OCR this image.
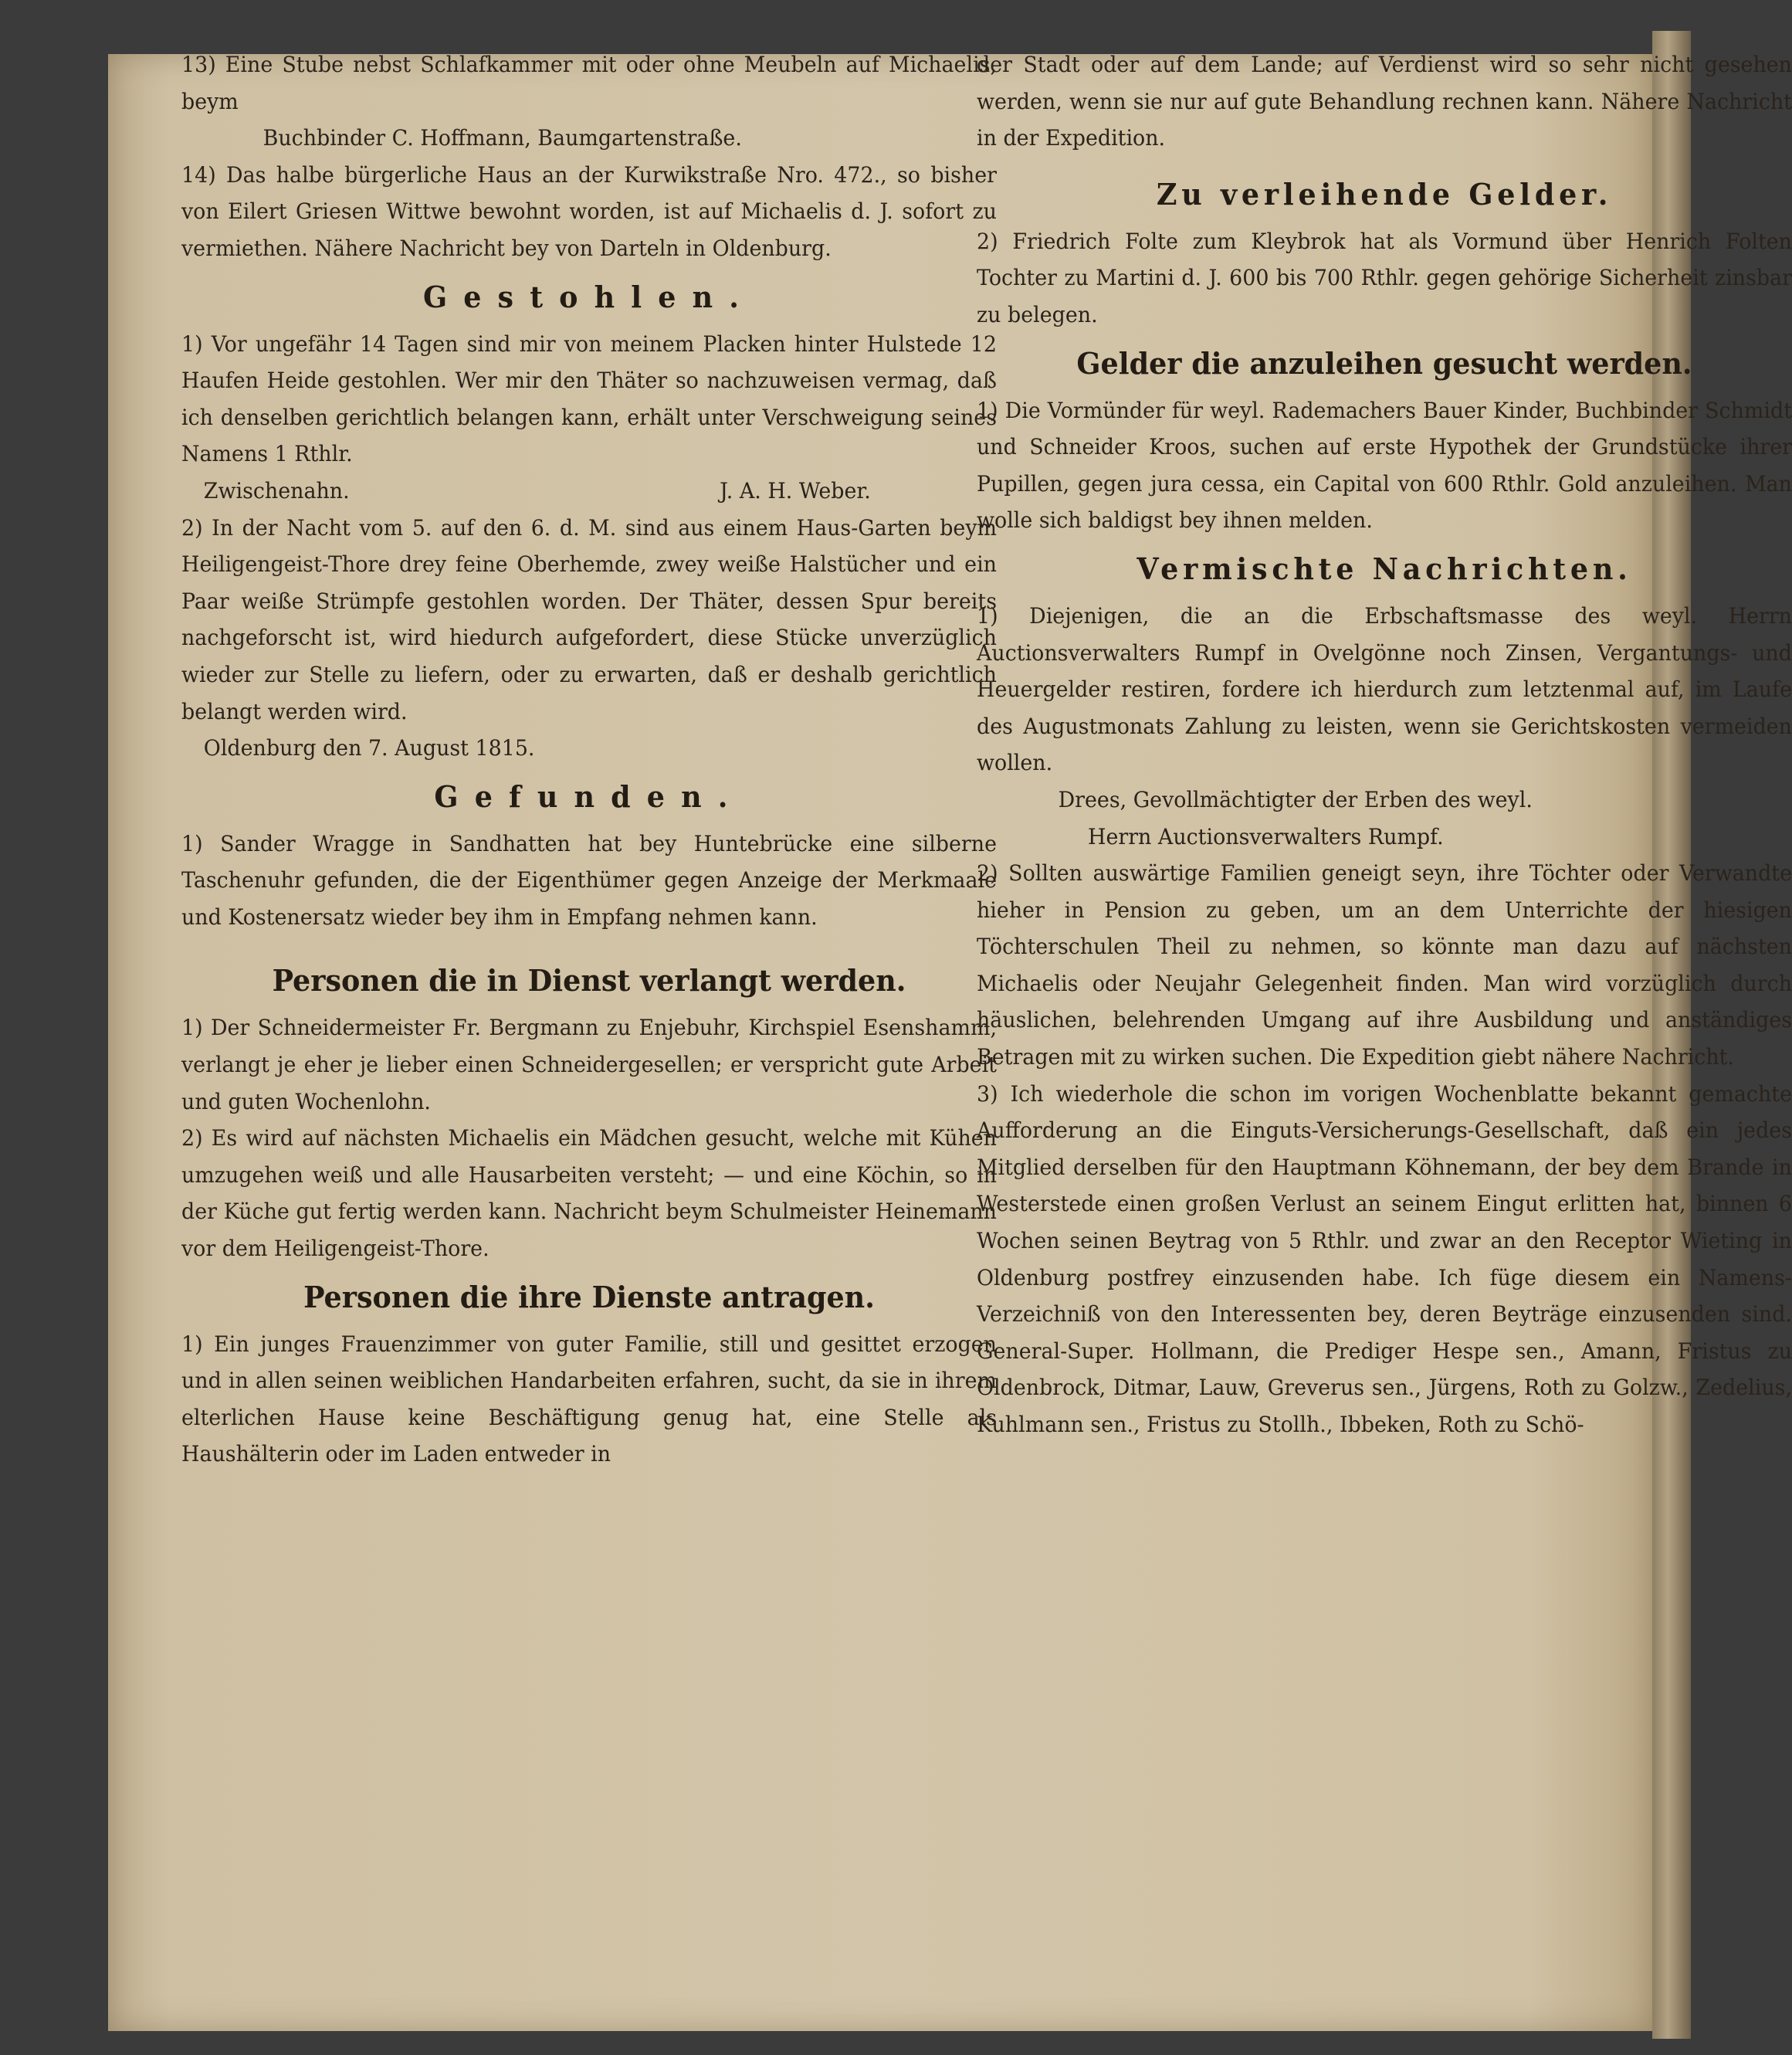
13) Eine Stube nebst Schlafkammer mit oder ohne Meubeln auf Michaelis, beym

Buchbinder C. Hoffmann, Baumgartenstraße.

14) Das halbe bürgerliche Haus an der Kurwikstraße Nro. 472., so bisher von Eilert Griesen Wittwe bewohnt worden, ist auf Michaelis d. J. sofort zu vermiethen. Nähere Nachricht bey von Darteln in Oldenburg.

Gestohlen.

1) Vor ungefähr 14 Tagen sind mir von meinem Placken hinter Hulstede 12 Haufen Heide gestohlen. Wer mir den Thäter so nachzuweisen vermag, daß ich denselben gerichtlich belangen kann, erhält unter Verschweigung seines Namens 1 Rthlr.

Zwischenahn.	J. A. H. Weber.

2) In der Nacht vom 5. auf den 6. d. M. sind aus einem Haus-Garten beym Heiligengeist-Thore drey feine Oberhemde, zwey weiße Halstücher und ein Paar weiße Strümpfe gestohlen worden. Der Thäter, dessen Spur bereits nachgeforscht ist, wird hiedurch aufgefordert, diese Stücke unverzüglich wieder zur Stelle zu liefern, oder zu erwarten, daß er deshalb gerichtlich belangt werden wird.

Oldenburg den 7. August 1815.

Gefunden.

1) Sander Wragge in Sandhatten hat bey Huntebrücke eine silberne Taschenuhr gefunden, die der Eigenthümer gegen Anzeige der Merkmaale und Kostenersatz wieder bey ihm in Empfang nehmen kann.

Personen die in Dienst verlangt werden.

1) Der Schneidermeister Fr. Bergmann zu Enjebuhr, Kirchspiel Esenshamm, verlangt je eher je lieber einen Schneidergesellen; er verspricht gute Arbeit und guten Wochenlohn.

2) Es wird auf nächsten Michaelis ein Mädchen gesucht, welche mit Kühen umzugehen weiß und alle Hausarbeiten versteht; — und eine Köchin, so in der Küche gut fertig werden kann. Nachricht beym Schulmeister Heinemann vor dem Heiligengeist-Thore.

Personen die ihre Dienste antragen.

1) Ein junges Frauenzimmer von guter Familie, still und gesittet erzogen und in allen seinen weiblichen Handarbeiten erfahren, sucht, da sie in ihrem elterlichen Hause keine Beschäftigung genug hat, eine Stelle als Haushälterin oder im Laden entweder in

der Stadt oder auf dem Lande; auf Verdienst wird so sehr nicht gesehen werden, wenn sie nur auf gute Behandlung rechnen kann. Nähere Nachricht in der Expedition.

Zu verleihende Gelder.

2) Friedrich Folte zum Kleybrok hat als Vormund über Henrich Folten Tochter zu Martini d. J. 600 bis 700 Rthlr. gegen gehörige Sicherheit zinsbar zu belegen.

Gelder die anzuleihen gesucht werden.

1) Die Vormünder für weyl. Rademachers Bauer Kinder, Buchbinder Schmidt und Schneider Kroos, suchen auf erste Hypothek der Grundstücke ihrer Pupillen, gegen jura cessa, ein Capital von 600 Rthlr. Gold anzuleihen. Man wolle sich baldigst bey ihnen melden.

Vermischte Nachrichten.

1) Diejenigen, die an die Erbschaftsmasse des weyl. Herrn Auctionsverwalters Rumpf in Ovelgönne noch Zinsen, Vergantungs- und Heuergelder restiren, fordere ich hierdurch zum letztenmal auf, im Laufe des Augustmonats Zahlung zu leisten, wenn sie Gerichtskosten vermeiden wollen.

Drees, Gevollmächtigter der Erben des weyl.

Herrn Auctionsverwalters Rumpf.

2) Sollten auswärtige Familien geneigt seyn, ihre Töchter oder Verwandte hieher in Pension zu geben, um an dem Unterrichte der hiesigen Töchterschulen Theil zu nehmen, so könnte man dazu auf nächsten Michaelis oder Neujahr Gelegenheit finden. Man wird vorzüglich durch häuslichen, belehrenden Umgang auf ihre Ausbildung und anständiges Betragen mit zu wirken suchen. Die Expedition giebt nähere Nachricht.

3) Ich wiederhole die schon im vorigen Wochenblatte bekannt gemachte Aufforderung an die Einguts-Versicherungs-Gesellschaft, daß ein jedes Mitglied derselben für den Hauptmann Köhnemann, der bey dem Brande in Westerstede einen großen Verlust an seinem Eingut erlitten hat, binnen 6 Wochen seinen Beytrag von 5 Rthlr. und zwar an den Receptor Wieting in Oldenburg postfrey einzusenden habe. Ich füge diesem ein Namens-Verzeichniß von den Interessenten bey, deren Beyträge einzusenden sind. General-Super. Hollmann, die Prediger Hespe sen., Amann, Fristus zu Oldenbrock, Ditmar, Lauw, Greverus sen., Jürgens, Roth zu Golzw., Zedelius, Kuhlmann sen., Fristus zu Stollh., Ibbeken, Roth zu Schö-
